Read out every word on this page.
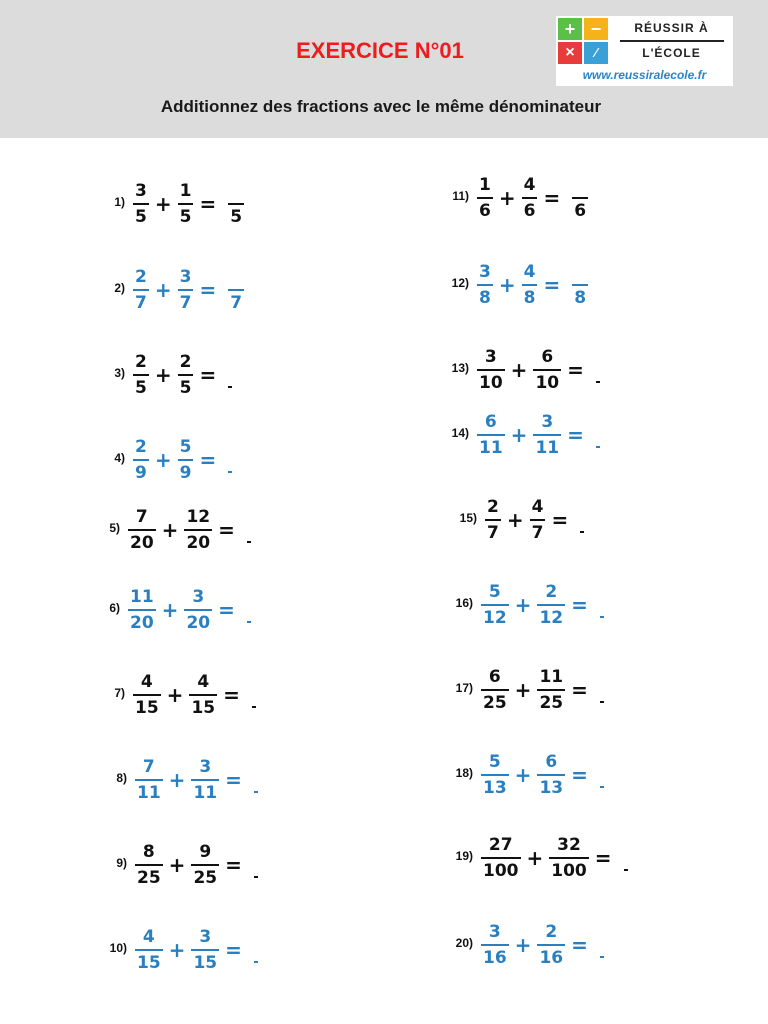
EXERCICE N°01
Additionnez des fractions avec le même dénominateur
+ −
×	⁄
RÉUSSIR À
L'ÉCOLE
www.reussiralecole.fr
$1) \frac{3}{5} + \frac{1}{5}$ =
5
$2) \frac{2}{7} + \frac{3}{7}$ =
7
$3) \frac{2}{5} + \frac{2}{5}$ =
$4) \frac{2}{9} + \frac{5}{9}$ =
$5) \frac{7}{20} + \frac{12}{20}$ =
$6) \frac{11}{20} + \frac{3}{20}$ =
$7) \frac{4}{15} + \frac{4}{15}$ =
$8) \frac{7}{11} + \frac{3}{11}$ =
$9) \frac{8}{25} + \frac{9}{25}$ =
$10) \frac{4}{15} + \frac{3}{15}$ =
$11) \frac{1}{6} + \frac{4}{6}$ =
6
$12) \frac{3}{8} + \frac{4}{8}$ =
8
$13) \frac{3}{10} + \frac{6}{10}$ =
$14) \frac{6}{11} + \frac{3}{11}$ =
$15) \frac{2}{7} + \frac{4}{7}$ =
$16) \frac{5}{12} + \frac{2}{12}$ =
$17) \frac{6}{25} + \frac{11}{25}$ =
$18) \frac{5}{13} + \frac{6}{13}$ =
$19) \frac{27}{100} + \frac{32}{100}$ =
$20) \frac{3}{16} + \frac{2}{16}$ =
